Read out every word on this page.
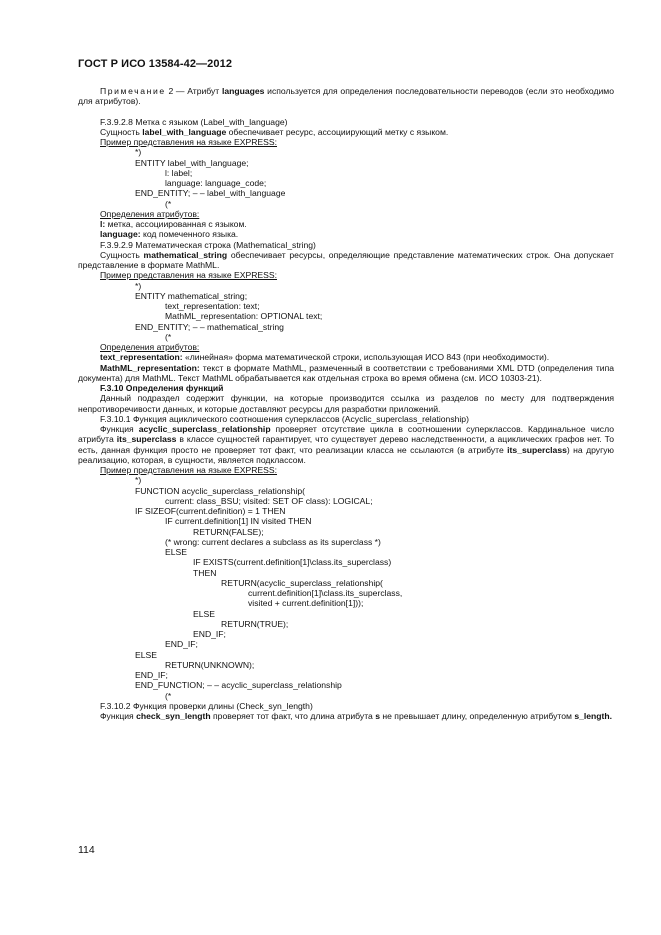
ГОСТ Р ИСО 13584-42—2012

Примечание 2 — Атрибут languages используется для определения последовательности переводов (если это необходимо для атрибутов).

F.3.9.2.8 Метка с языком (Label_with_language)

Сущность label_with_language обеспечивает ресурс, ассоциирующий метку с языком.

Пример представления на языке EXPRESS:

*)
ENTITY label_with_language;
l: label;
language: language_code;
END_ENTITY; – – label_with_language
(*

Определения атрибутов:

l: метка, ассоциированная с языком.

language: код помеченного языка.

F.3.9.2.9 Математическая строка (Mathematical_string)

Сущность mathematical_string обеспечивает ресурсы, определяющие представление математических строк. Она допускает представление в формате MathML.

Пример представления на языке EXPRESS:

*)
ENTITY mathematical_string;
text_representation: text;
MathML_representation: OPTIONAL text;
END_ENTITY; – – mathematical_string
(*

Определения атрибутов:

text_representation: «линейная» форма математической строки, использующая ИСО 843 (при необходимости).

MathML_representation: текст в формате MathML, размеченный в соответствии с требованиями XML DTD (определения типа документа) для MathML. Текст MathML обрабатывается как отдельная строка во время обмена (см. ИСО 10303-21).

F.3.10 Определения функций

Данный подраздел содержит функции, на которые производится ссылка из разделов по месту для подтверждения непротиворечивости данных, и которые доставляют ресурсы для разработки приложений.

F.3.10.1 Функция ациклического соотношения суперклассов (Acyclic_superclass_relationship)

Функция acyclic_superclass_relationship проверяет отсутствие цикла в соотношении суперклассов. Кардинальное число атрибута its_superclass в классе сущностей гарантирует, что существует дерево наследственности, а ациклических графов нет. То есть, данная функция просто не проверяет тот факт, что реализации класса не ссылаются (в атрибуте its_superclass) на другую реализацию, которая, в сущности, является подклассом.

Пример представления на языке EXPRESS:

*)
FUNCTION acyclic_superclass_relationship(
current: class_BSU; visited: SET OF class): LOGICAL;
IF SIZEOF(current.definition) = 1 THEN
IF current.definition[1] IN visited THEN
RETURN(FALSE);
(* wrong: current declares a subclass as its superclass *)
ELSE
IF EXISTS(current.definition[1]\class.its_superclass)
THEN
RETURN(acyclic_superclass_relationship(
current.definition[1]\class.its_superclass,
visited + current.definition[1]));
ELSE
RETURN(TRUE);
END_IF;
END_IF;
ELSE
RETURN(UNKNOWN);
END_IF;
END_FUNCTION; – – acyclic_superclass_relationship
(*

F.3.10.2 Функция проверки длины (Check_syn_length)

Функция check_syn_length проверяет тот факт, что длина атрибута s не превышает длину, определенную атрибутом s_length.

114
